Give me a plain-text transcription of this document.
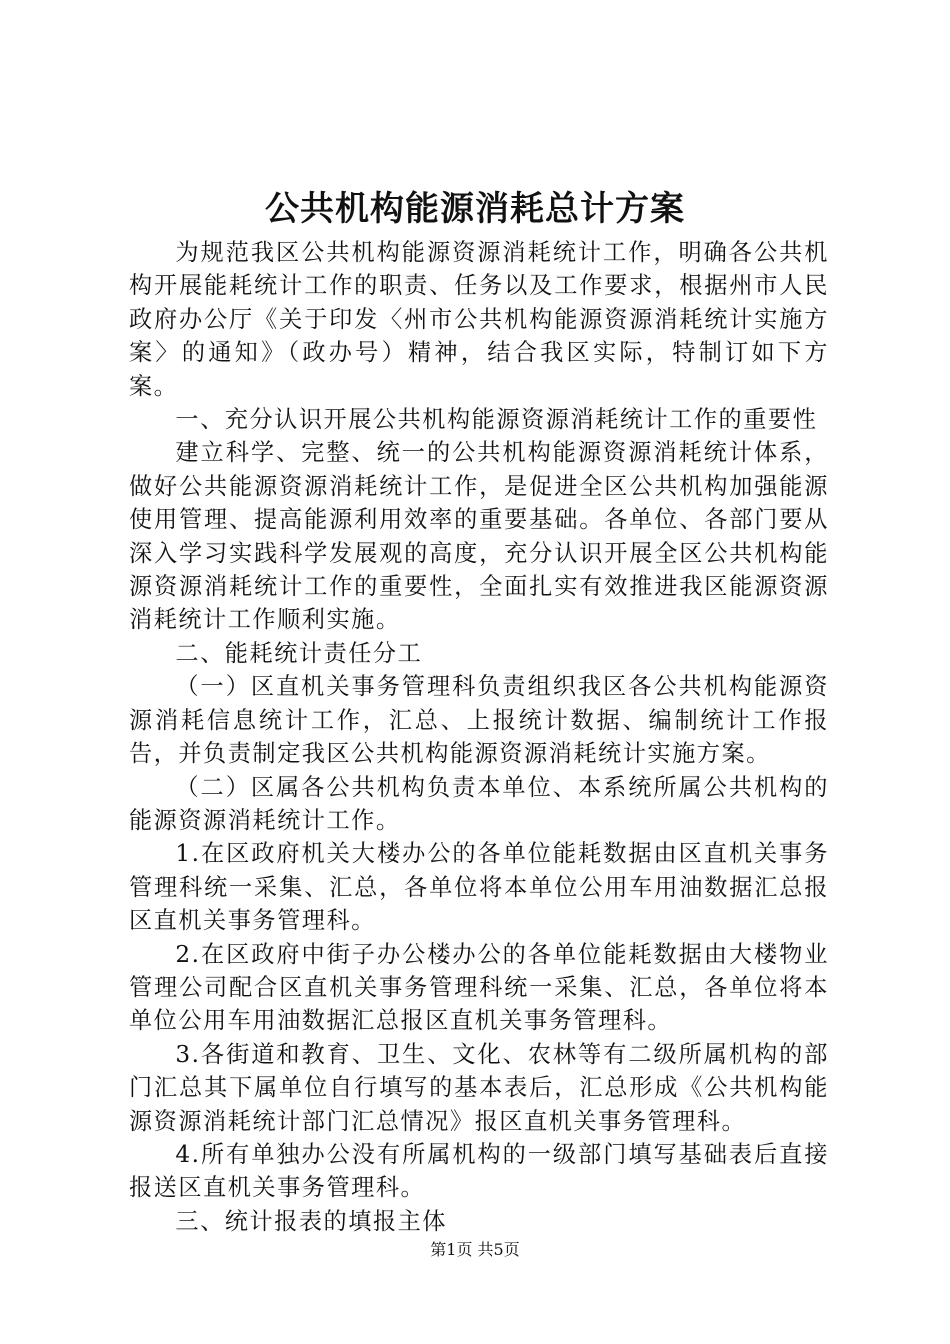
公共机构能源消耗总计方案

为规范我区公共机构能源资源消耗统计工作，明确各公共机构开展能耗统计工作的职责、任务以及工作要求，根据州市人民政府办公厅《关于印发〈州市公共机构能源资源消耗统计实施方案〉的通知》（政办号）精神，结合我区实际，特制订如下方案。

一、充分认识开展公共机构能源资源消耗统计工作的重要性

建立科学、完整、统一的公共机构能源资源消耗统计体系，做好公共能源资源消耗统计工作，是促进全区公共机构加强能源使用管理、提高能源利用效率的重要基础。各单位、各部门要从深入学习实践科学发展观的高度，充分认识开展全区公共机构能源资源消耗统计工作的重要性，全面扎实有效推进我区能源资源消耗统计工作顺利实施。

二、能耗统计责任分工

（一）区直机关事务管理科负责组织我区各公共机构能源资源消耗信息统计工作，汇总、上报统计数据、编制统计工作报告，并负责制定我区公共机构能源资源消耗统计实施方案。

（二）区属各公共机构负责本单位、本系统所属公共机构的能源资源消耗统计工作。

1.在区政府机关大楼办公的各单位能耗数据由区直机关事务管理科统一采集、汇总，各单位将本单位公用车用油数据汇总报区直机关事务管理科。

2.在区政府中街子办公楼办公的各单位能耗数据由大楼物业管理公司配合区直机关事务管理科统一采集、汇总，各单位将本单位公用车用油数据汇总报区直机关事务管理科。

3.各街道和教育、卫生、文化、农林等有二级所属机构的部门汇总其下属单位自行填写的基本表后，汇总形成《公共机构能源资源消耗统计部门汇总情况》报区直机关事务管理科。

4.所有单独办公没有所属机构的一级部门填写基础表后直接报送区直机关事务管理科。

三、统计报表的填报主体

第1页 共5页
